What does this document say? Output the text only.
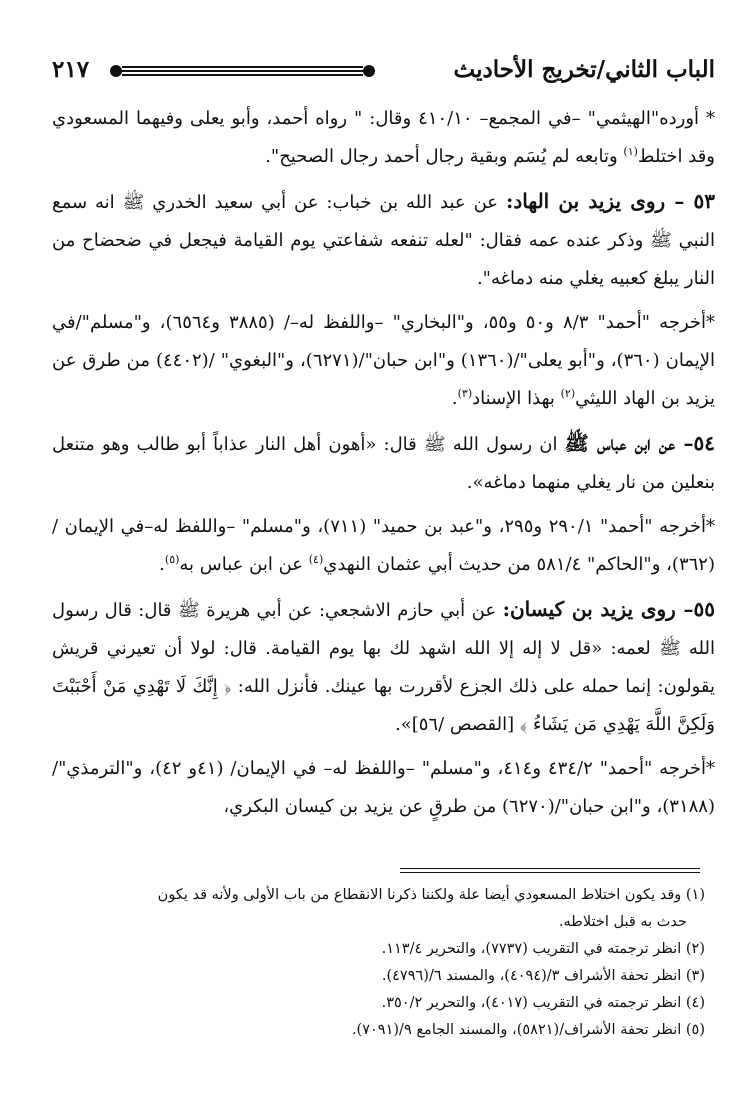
الباب الثاني/تخريج الأحاديث
٢١٧

* أورده"الهيثمي" –في المجمع– ٤١٠/١٠ وقال: " رواه أحمد، وأبو يعلى وفيهما المسعودي وقد اختلط$^{(١)}$ وتابعه لم يُسَم وبقية رجال أحمد رجال الصحيح".

٥٣ – روى يزيد بن الهاد: عن عبد الله بن خباب: عن أبي سعيد الخدري ﷺ انه سمع النبي ﷺ وذكر عنده عمه فقال: "لعله تنفعه شفاعتي يوم القيامة فيجعل في ضحضاح من النار يبلغ كعبيه يغلي منه دماغه".

*أخرجه "أحمد" ٨/٣ و٥٠ و٥٥، و"البخاري" –واللفظ له–/ (٣٨٨٥ و٦٥٦٤)، و"مسلم"/في الإيمان (٣٦٠)، و"أبو يعلى"/(١٣٦٠) و"ابن حبان"/(٦٢٧١)، و"البغوي" /(٤٤٠٢) من طرق عن يزيد بن الهاد الليثي$^{(٢)}$ بهذا الإسناد$^{(٣)}$.

٥٤– عن ابن عباس ﷺ ان رسول الله ﷺ قال: «أهون أهل النار عذاباً أبو طالب وهو متنعل بنعلين من نار يغلي منهما دماغه».

*أخرجه "أحمد" ٢٩٠/١ و٢٩٥، و"عبد بن حميد" (٧١١)، و"مسلم" –واللفظ له–في الإيمان / (٣٦٢)، و"الحاكم" ٥٨١/٤ من حديث أبي عثمان النهدي$^{(٤)}$ عن ابن عباس به$^{(٥)}$.

٥٥– روى يزيد بن كيسان: عن أبي حازم الاشجعي: عن أبي هريرة ﷺ قال: قال رسول الله ﷺ لعمه: «قل لا إله إلا الله اشهد لك بها يوم القيامة. قال: لولا أن تعيرني قريش يقولون: إنما حمله على ذلك الجزع لأقررت بها عينك. فأنزل الله: ﴿ إِنَّكَ لَا تَهْدِي مَنْ أَحْبَبْتَ وَلَكِنَّ اللَّهَ يَهْدِي مَن يَشَاءُ ﴾ [القصص /٥٦]».

*أخرجه "أحمد" ٤٣٤/٢ و٤١٤، و"مسلم" –واللفظ له– في الإيمان/ (٤١و ٤٢)، و"الترمذي"/ (٣١٨٨)، و"ابن حبان"/(٦٢٧٠) من طرقٍ عن يزيد بن كيسان البكري،

(١) وقد يكون اختلاط المسعودي أيضا علة ولكننا ذكرنا الانقطاع من باب الأولى ولأنه قد يكون

حدث به قبل اختلاطه.

(٢) انظر ترجمته في التقريب (٧٧٣٧)، والتحرير ١١٣/٤.

(٣) انظر تحفة الأشراف ٣/(٤٠٩٤)، والمسند ٦/(٤٧٩٦).

(٤) انظر ترجمته في التقريب (٤٠١٧)، والتحرير ٣٥٠/٢.

(٥) انظر تحفة الأشراف/(٥٨٢١)، والمسند الجامع ٩/(٧٠٩١).
